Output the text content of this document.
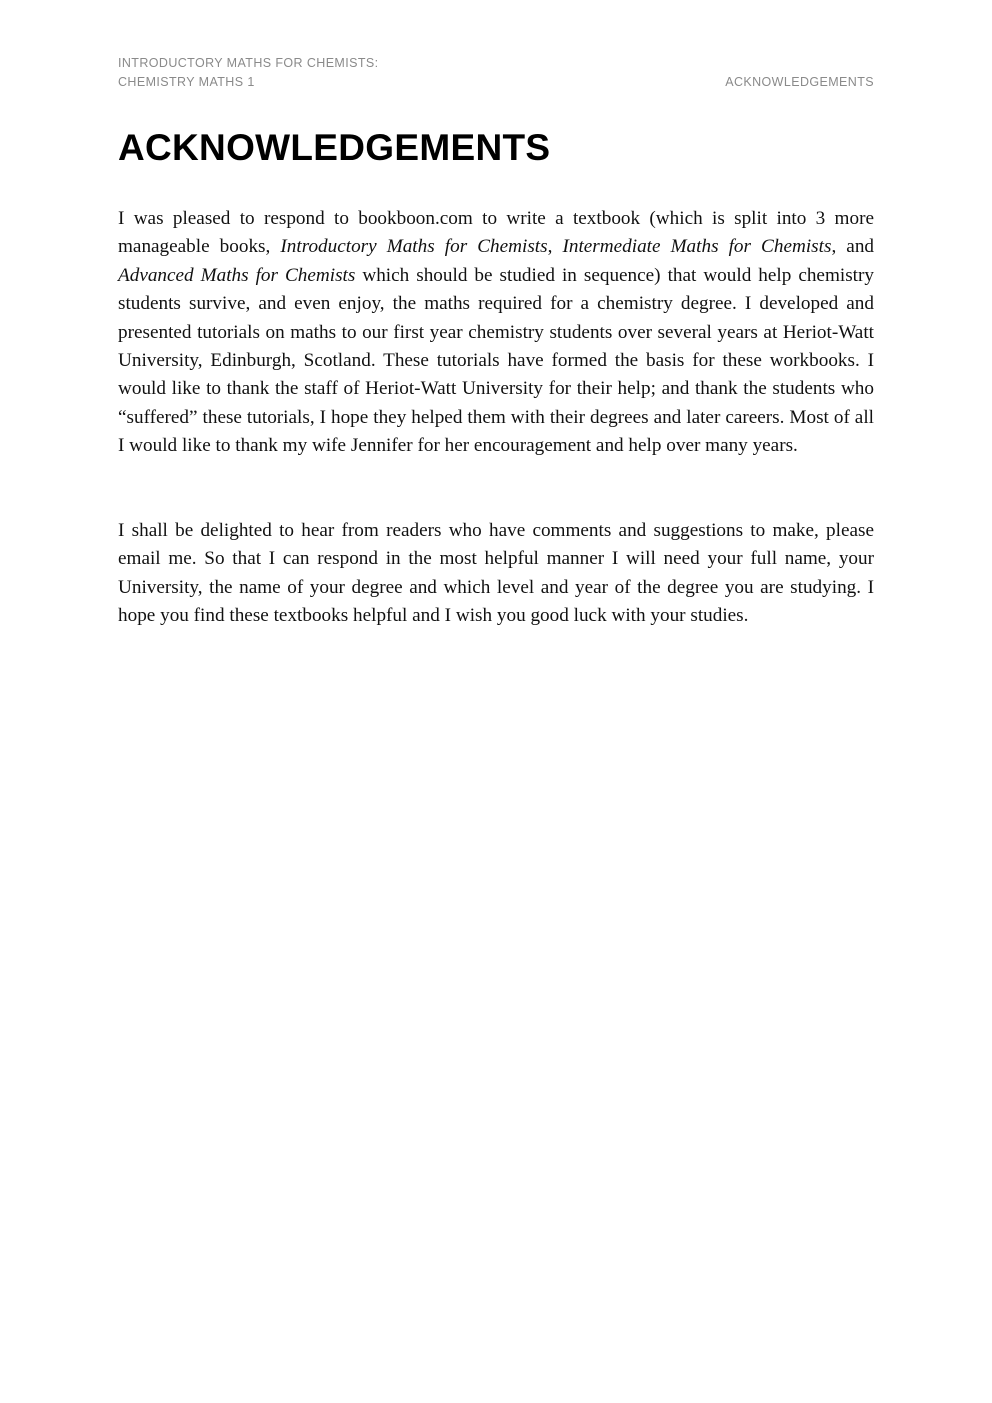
INTRODUCTORY MATHS FOR CHEMISTS:
CHEMISTRY MATHS 1	ACKNOWLEDGEMENTS
ACKNOWLEDGEMENTS

I was pleased to respond to bookboon.com to write a textbook (which is split into 3 more manageable books, Introductory Maths for Chemists, Intermediate Maths for Chemists, and Advanced Maths for Chemists which should be studied in sequence) that would help chemistry students survive, and even enjoy, the maths required for a chemistry degree. I developed and presented tutorials on maths to our first year chemistry students over several years at Heriot-Watt University, Edinburgh, Scotland. These tutorials have formed the basis for these workbooks. I would like to thank the staff of Heriot-Watt University for their help; and thank the students who “suffered” these tutorials, I hope they helped them with their degrees and later careers. Most of all I would like to thank my wife Jennifer for her encouragement and help over many years.

I shall be delighted to hear from readers who have comments and suggestions to make, please email me. So that I can respond in the most helpful manner I will need your full name, your University, the name of your degree and which level and year of the degree you are studying. I hope you find these textbooks helpful and I wish you good luck with your studies.
